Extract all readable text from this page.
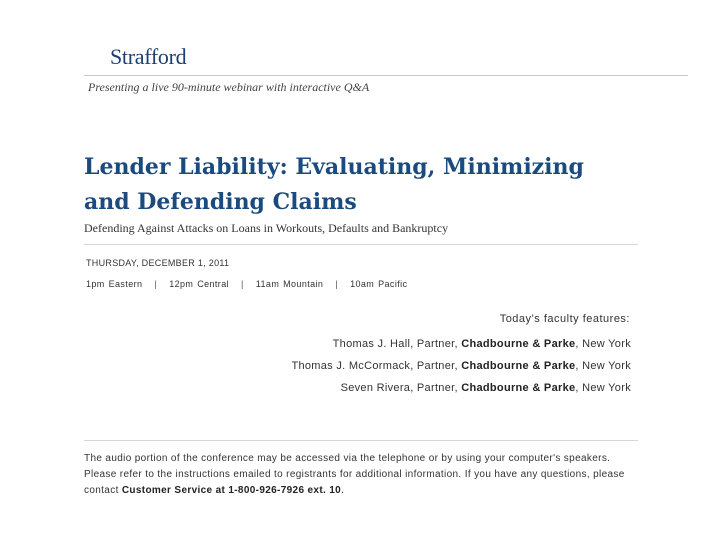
Strafford
Presenting a live 90-minute webinar with interactive Q&A
Lender Liability: Evaluating, Minimizing
and Defending Claims
Defending Against Attacks on Loans in Workouts, Defaults and Bankruptcy
THURSDAY, DECEMBER 1, 2011
1pm Eastern | 12pm Central | 11am Mountain | 10am Pacific
Today’s faculty features:
Thomas J. Hall, Partner, Chadbourne & Parke, New York
Thomas J. McCormack, Partner, Chadbourne & Parke, New York
Seven Rivera, Partner, Chadbourne & Parke, New York
The audio portion of the conference may be accessed via the telephone or by using your computer's speakers. Please refer to the instructions emailed to registrants for additional information. If you have any questions, please contact Customer Service at 1-800-926-7926 ext. 10.
